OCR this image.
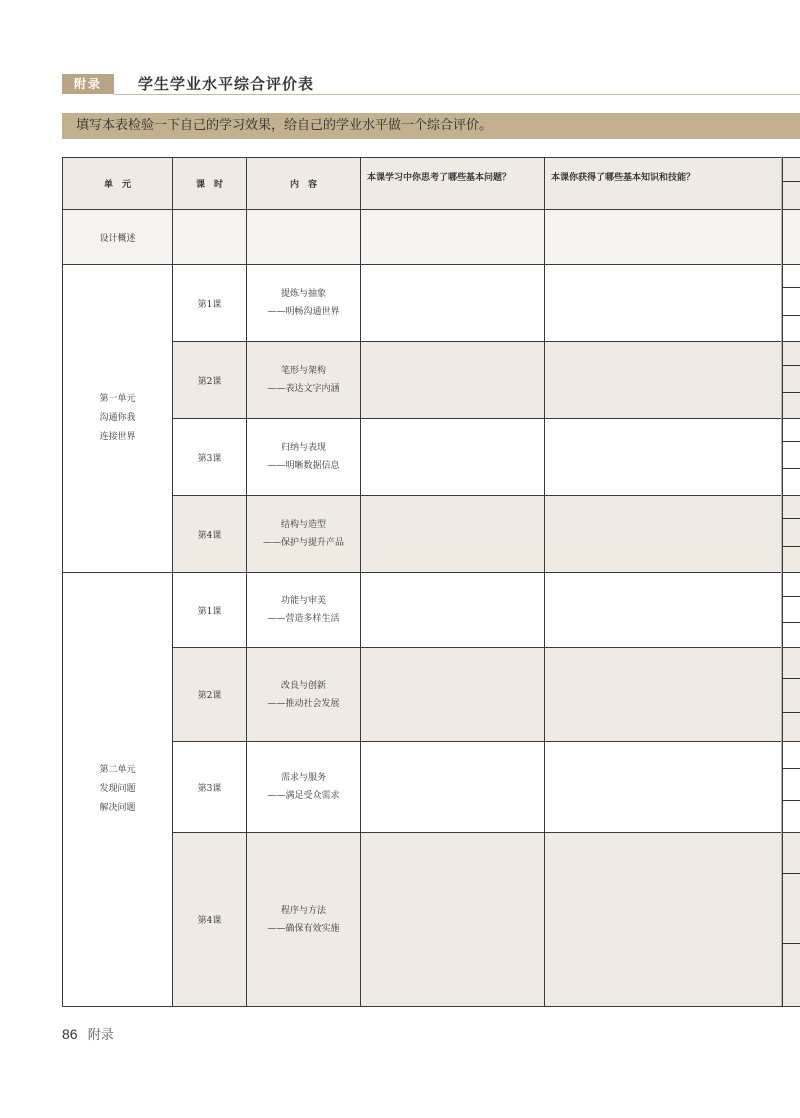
附录	学生学业水平综合评价表
填写本表检验一下自己的学习效果，给自己的学业水平做一个综合评价。
单　元	课　时	内　容	本课学习中你思考了哪些基本问题？	本课你获得了哪些基本知识和技能？	

设计概述					

第一单元
沟通你我
连接世界	第1课	提炼与抽象
——明畅沟通世界			

	第2课	笔形与架构
——表达文字内涵			

	第3课	归纳与表现
——明晰数据信息			

	第4课	结构与造型
——保护与提升产品			

第二单元
发现问题
解决问题	第1课	功能与审美
——营造多样生活			

	第2课	改良与创新
——推动社会发展			

	第3课	需求与服务
——满足受众需求			

	第4课	程序与方法
——确保有效实施			

86 附录
